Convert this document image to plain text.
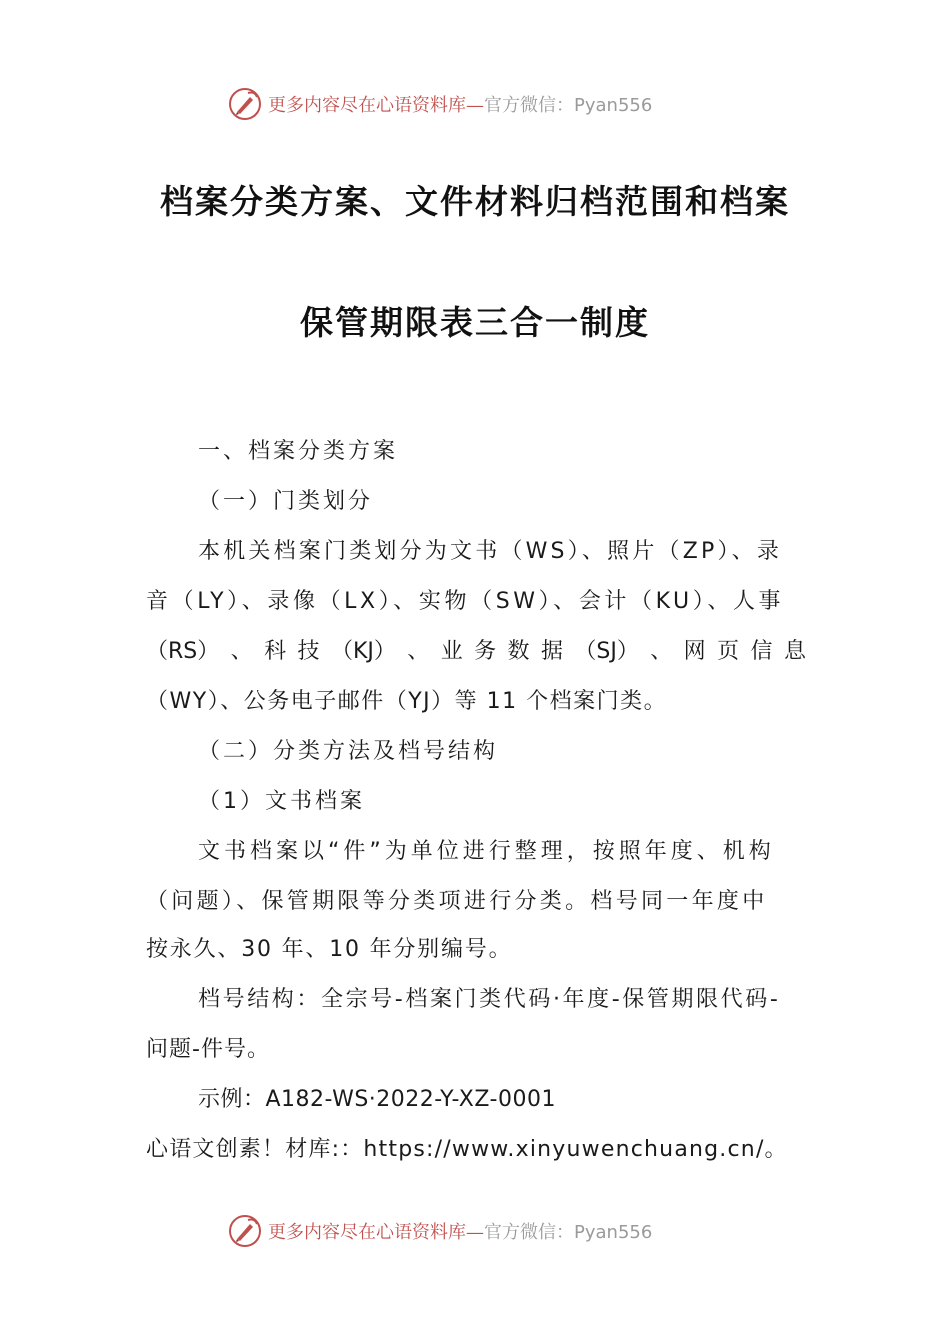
更多内容尽在心语资料库—官方微信：Pyan556
档案分类方案、文件材料归档范围和档案
保管期限表三合一制度
一、档案分类方案
（一）门类划分
本机关档案门类划分为文书（WS）、照片（ZP）、录
音（LY）、录像（LX）、实物（SW）、会计（KU）、人事
（RS） 、 科 技 （KJ） 、 业 务 数 据 （SJ） 、 网 页 信 息
（WY）、公务电子邮件（YJ）等 11 个档案门类。
（二）分类方法及档号结构
（1）文书档案
文书档案以“件”为单位进行整理，按照年度、机构
（问题）、保管期限等分类项进行分类。档号同一年度中
按永久、30 年、10 年分别编号。
档号结构：全宗号-档案门类代码·年度-保管期限代码-
问题-件号。
示例：A182-WS·2022-Y-XZ-0001
心语文创素！材库:：https://www.xinyuwenchuang.cn/。
更多内容尽在心语资料库—官方微信：Pyan556
